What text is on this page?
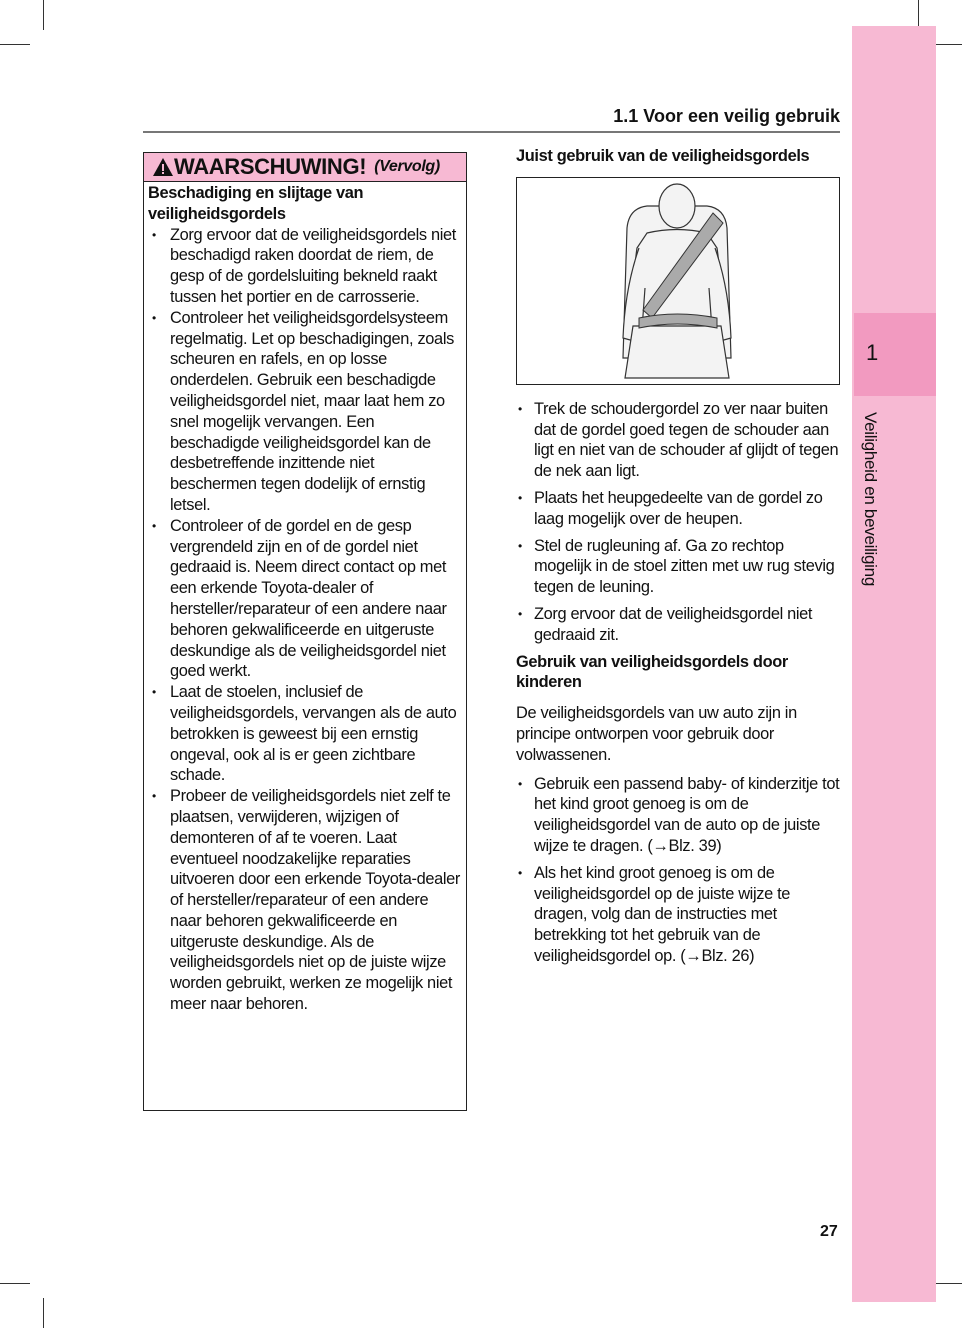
1
Veiligheid en beveiliging
1.1 Voor een veilig gebruik
WAARSCHUWING! (Vervolg)
Beschadiging en slijtage van veiligheidsgordels
• Zorg ervoor dat de veiligheidsgordels niet beschadigd raken doordat de riem, de gesp of de gordelsluiting bekneld raakt tussen het portier en de carrosserie.
• Controleer het veiligheidsgordelsysteem regelmatig. Let op beschadigingen, zoals scheuren en rafels, en op losse onderdelen. Gebruik een beschadigde veiligheidsgordel niet, maar laat hem zo snel mogelijk vervangen. Een beschadigde veiligheidsgordel kan de desbetreffende inzittende niet beschermen tegen dodelijk of ernstig letsel.
• Controleer of de gordel en de gesp vergrendeld zijn en of de gordel niet gedraaid is. Neem direct contact op met een erkende Toyota-dealer of hersteller/reparateur of een andere naar behoren gekwalificeerde en uitgeruste deskundige als de veiligheidsgordel niet goed werkt.
• Laat de stoelen, inclusief de veiligheidsgordels, vervangen als de auto betrokken is geweest bij een ernstig ongeval, ook al is er geen zichtbare schade.
• Probeer de veiligheidsgordels niet zelf te plaatsen, verwijderen, wijzigen of demonteren of af te voeren. Laat eventueel noodzakelijke reparaties uitvoeren door een erkende Toyota-dealer of hersteller/reparateur of een andere naar behoren gekwalificeerde en uitgeruste deskundige. Als de veiligheidsgordels niet op de juiste wijze worden gebruikt, werken ze mogelijk niet meer naar behoren.
Juist gebruik van de veiligheidsgordels
• Trek de schoudergordel zo ver naar buiten dat de gordel goed tegen de schouder aan ligt en niet van de schouder af glijdt of tegen de nek aan ligt.
• Plaats het heupgedeelte van de gordel zo laag mogelijk over de heupen.
• Stel de rugleuning af. Ga zo rechtop mogelijk in de stoel zitten met uw rug stevig tegen de leuning.
• Zorg ervoor dat de veiligheidsgordel niet gedraaid zit.
Gebruik van veiligheidsgordels door kinderen

De veiligheidsgordels van uw auto zijn in principe ontworpen voor gebruik door volwassenen.

• Gebruik een passend baby- of kinderzitje tot het kind groot genoeg is om de veiligheidsgordel van de auto op de juiste wijze te dragen. (→Blz. 39)
• Als het kind groot genoeg is om de veiligheidsgordel op de juiste wijze te dragen, volg dan de instructies met betrekking tot het gebruik van de veiligheidsgordel op. (→Blz. 26)
27
